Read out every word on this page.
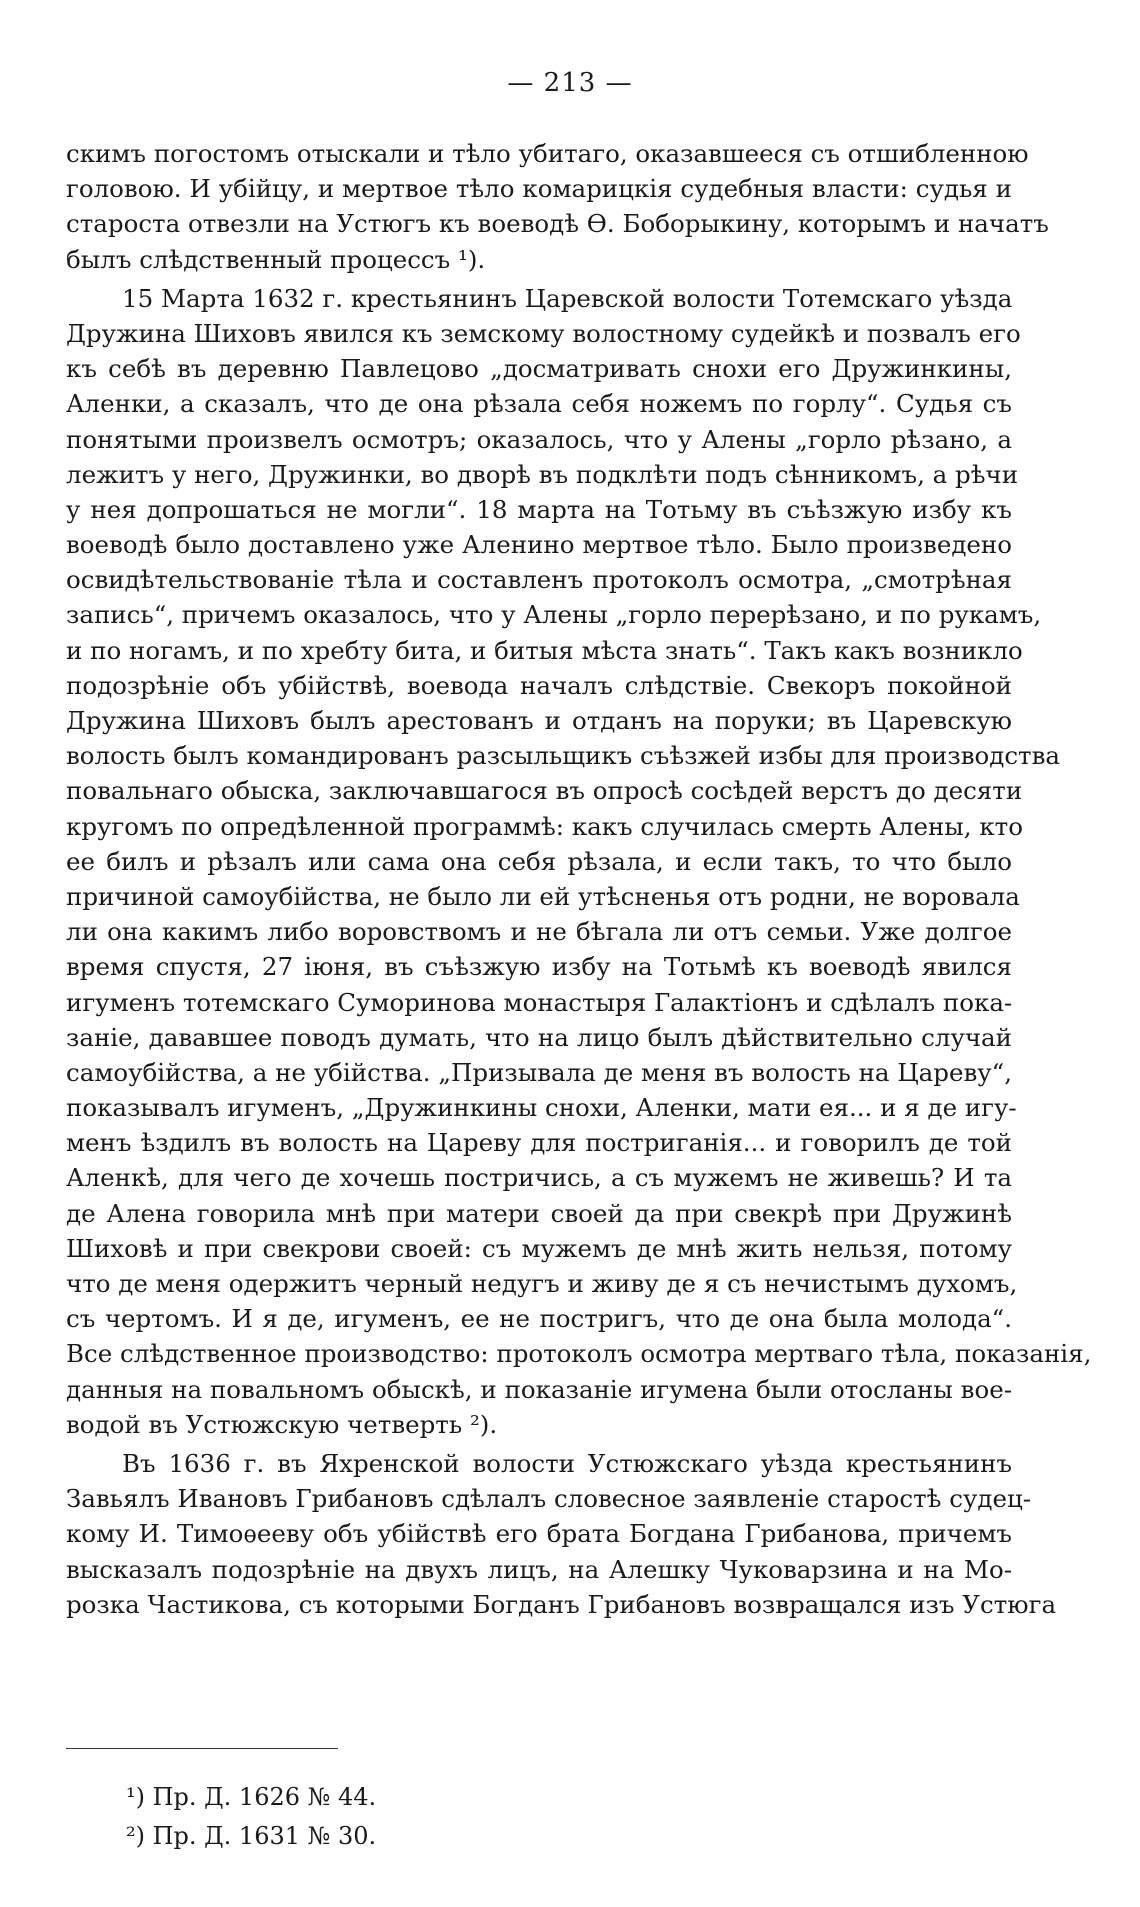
— 213 —
скимъ погостомъ отыскали и тѣло убитаго, оказавшееся съ отшибленною
головою. И убійцу, и мертвое тѣло комарицкія судебныя власти: судья и
староста отвезли на Устюгъ къ воеводѣ Ѳ. Боборыкину, которымъ и начатъ
былъ слѣдственный процессъ ¹).
15 Марта 1632 г. крестьянинъ Царевской волости Тотемскаго уѣзда
Дружина Шиховъ явился къ земскому волостному судейкѣ и позвалъ его
къ себѣ въ деревню Павлецово „досматривать снохи его Дружинкины,
Аленки, а сказалъ, что де она рѣзала себя ножемъ по горлу“. Судья съ
понятыми произвелъ осмотръ; оказалось, что у Алены „горло рѣзано, а
лежитъ у него, Дружинки, во дворѣ въ подклѣти подъ сѣнникомъ, а рѣчи
у нея допрошаться не могли“. 18 марта на Тотьму въ съѣзжую избу къ
воеводѣ было доставлено уже Аленино мертвое тѣло. Было произведено
освидѣтельствованіе тѣла и составленъ протоколъ осмотра, „смотрѣная
запись“, причемъ оказалось, что у Алены „горло перерѣзано, и по рукамъ,
и по ногамъ, и по хребту бита, и битыя мѣста знать“. Такъ какъ возникло
подозрѣніе объ убійствѣ, воевода началъ слѣдствіе. Свекоръ покойной
Дружина Шиховъ былъ арестованъ и отданъ на поруки; въ Царевскую
волость былъ командированъ разсыльщикъ съѣзжей избы для производства
повальнаго обыска, заключавшагося въ опросѣ сосѣдей верстъ до десяти
кругомъ по опредѣленной программѣ: какъ случилась смерть Алены, кто
ее билъ и рѣзалъ или сама она себя рѣзала, и если такъ, то что было
причиной самоубійства, не было ли ей утѣсненья отъ родни, не воровала
ли она какимъ либо воровствомъ и не бѣгала ли отъ семьи. Уже долгое
время спустя, 27 іюня, въ съѣзжую избу на Тотьмѣ къ воеводѣ явился
игуменъ тотемскаго Суморинова монастыря Галактіонъ и сдѣлалъ пока-
заніе, дававшее поводъ думать, что на лицо былъ дѣйствительно случай
самоубійства, а не убійства. „Призывала де меня въ волость на Цареву“,
показывалъ игуменъ, „Дружинкины снохи, Аленки, мати ея... и я де игу-
менъ ѣздилъ въ волость на Цареву для постриганія... и говорилъ де той
Аленкѣ, для чего де хочешь постричись, а съ мужемъ не живешь? И та
де Алена говорила мнѣ при матери своей да при свекрѣ при Дружинѣ
Шиховѣ и при свекрови своей: съ мужемъ де мнѣ жить нельзя, потому
что де меня одержитъ черный недугъ и живу де я съ нечистымъ духомъ,
съ чертомъ. И я де, игуменъ, ее не постригъ, что де она была молода“.
Все слѣдственное производство: протоколъ осмотра мертваго тѣла, показанія,
данныя на повальномъ обыскѣ, и показаніе игумена были отосланы вое-
водой въ Устюжскую четверть ²).
Въ 1636 г. въ Яхренской волости Устюжскаго уѣзда крестьянинъ
Завьялъ Ивановъ Грибановъ сдѣлалъ словесное заявленіе старостѣ судец-
кому И. Тимоѳееву объ убійствѣ его брата Богдана Грибанова, причемъ
высказалъ подозрѣніе на двухъ лицъ, на Алешку Чуковарзина и на Мо-
розка Частикова, съ которыми Богданъ Грибановъ возвращался изъ Устюга
¹) Пр. Д. 1626 № 44.
²) Пр. Д. 1631 № 30.
